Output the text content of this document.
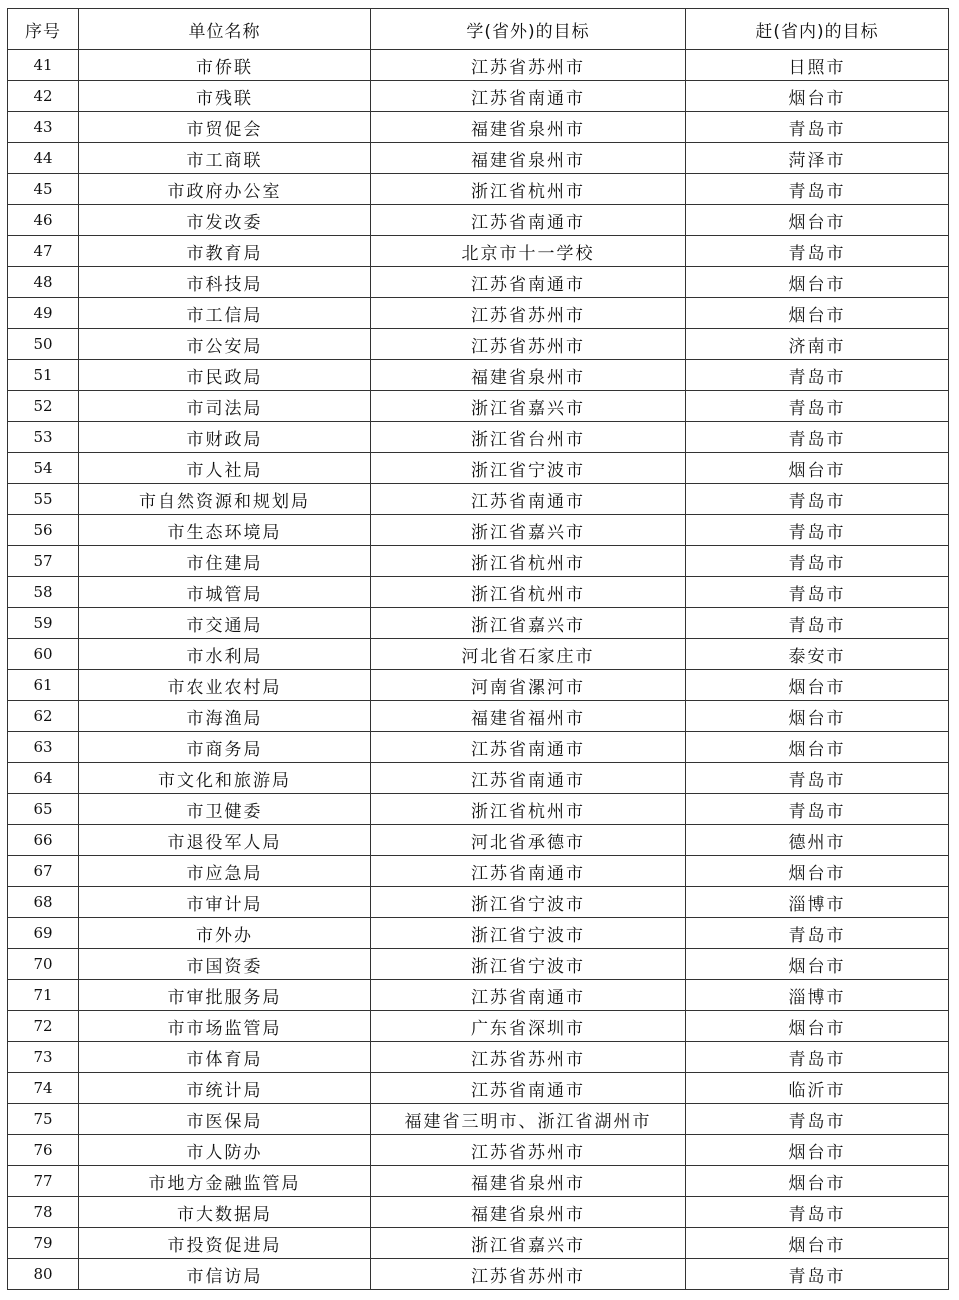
序号	单位名称	学(省外)的目标	赶(省内)的目标
41	市侨联	江苏省苏州市	日照市
42	市残联	江苏省南通市	烟台市
43	市贸促会	福建省泉州市	青岛市
44	市工商联	福建省泉州市	菏泽市
45	市政府办公室	浙江省杭州市	青岛市
46	市发改委	江苏省南通市	烟台市
47	市教育局	北京市十一学校	青岛市
48	市科技局	江苏省南通市	烟台市
49	市工信局	江苏省苏州市	烟台市
50	市公安局	江苏省苏州市	济南市
51	市民政局	福建省泉州市	青岛市
52	市司法局	浙江省嘉兴市	青岛市
53	市财政局	浙江省台州市	青岛市
54	市人社局	浙江省宁波市	烟台市
55	市自然资源和规划局	江苏省南通市	青岛市
56	市生态环境局	浙江省嘉兴市	青岛市
57	市住建局	浙江省杭州市	青岛市
58	市城管局	浙江省杭州市	青岛市
59	市交通局	浙江省嘉兴市	青岛市
60	市水利局	河北省石家庄市	泰安市
61	市农业农村局	河南省漯河市	烟台市
62	市海渔局	福建省福州市	烟台市
63	市商务局	江苏省南通市	烟台市
64	市文化和旅游局	江苏省南通市	青岛市
65	市卫健委	浙江省杭州市	青岛市
66	市退役军人局	河北省承德市	德州市
67	市应急局	江苏省南通市	烟台市
68	市审计局	浙江省宁波市	淄博市
69	市外办	浙江省宁波市	青岛市
70	市国资委	浙江省宁波市	烟台市
71	市审批服务局	江苏省南通市	淄博市
72	市市场监管局	广东省深圳市	烟台市
73	市体育局	江苏省苏州市	青岛市
74	市统计局	江苏省南通市	临沂市
75	市医保局	福建省三明市、浙江省湖州市	青岛市
76	市人防办	江苏省苏州市	烟台市
77	市地方金融监管局	福建省泉州市	烟台市
78	市大数据局	福建省泉州市	青岛市
79	市投资促进局	浙江省嘉兴市	烟台市
80	市信访局	江苏省苏州市	青岛市
